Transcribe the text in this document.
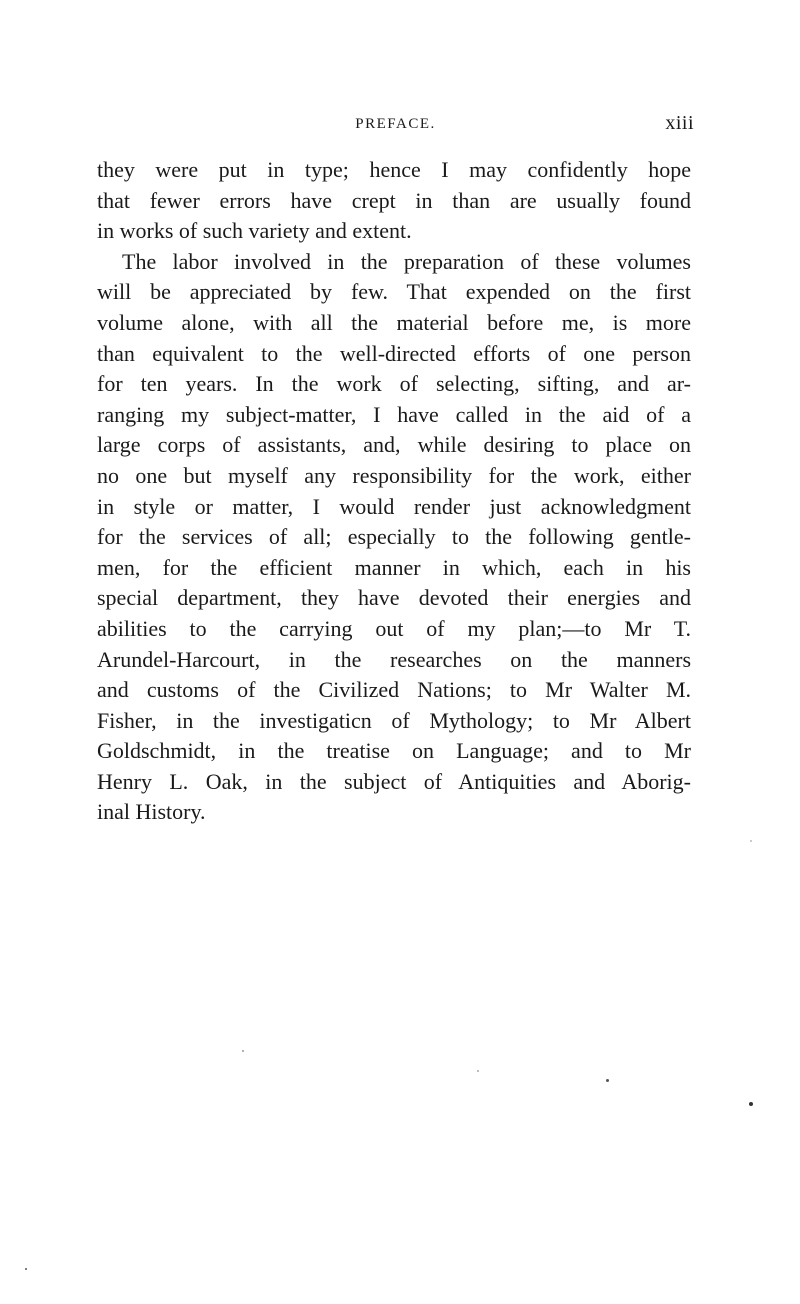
PREFACE.	xiii
they were put in type; hence I may confidently hope
that fewer errors have crept in than are usually found
in works of such variety and extent.
The labor involved in the preparation of these volumes
will be appreciated by few. That expended on the first
volume alone, with all the material before me, is more
than equivalent to the well-directed efforts of one person
for ten years. In the work of selecting, sifting, and ar-
ranging my subject-matter, I have called in the aid of a
large corps of assistants, and, while desiring to place on
no one but myself any responsibility for the work, either
in style or matter, I would render just acknowledgment
for the services of all; especially to the following gentle-
men, for the efficient manner in which, each in his
special department, they have devoted their energies and
abilities to the carrying out of my plan;—to Mr T.
Arundel-Harcourt, in the researches on the manners
and customs of the Civilized Nations; to Mr Walter M.
Fisher, in the investigaticn of Mythology; to Mr Albert
Goldschmidt, in the treatise on Language; and to Mr
Henry L. Oak, in the subject of Antiquities and Aborig-
inal History.
